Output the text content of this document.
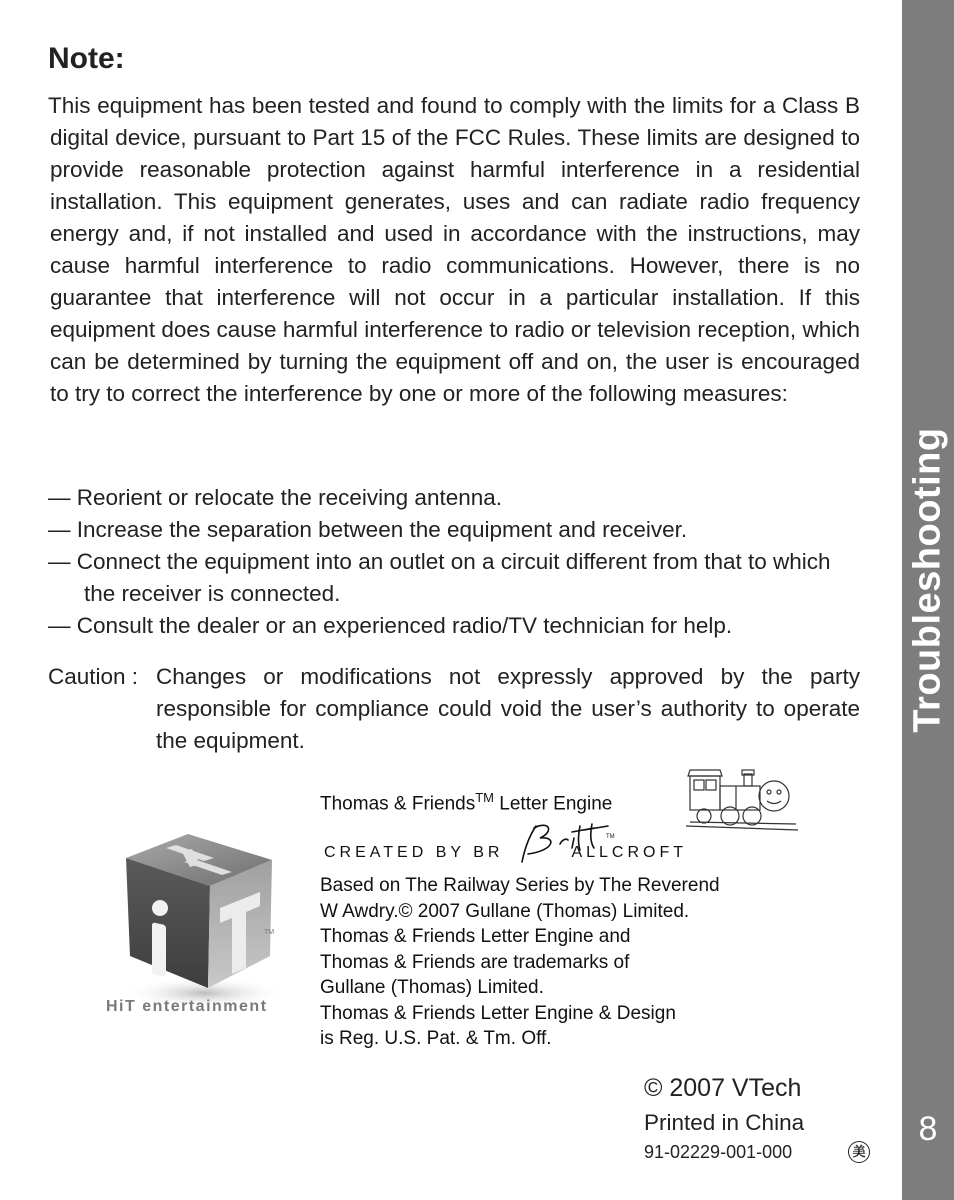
Troubleshooting
8
Note:

This equipment has been tested and found to comply with the limits for a Class B digital device, pursuant to Part 15 of the FCC Rules. These limits are designed to provide reasonable protection against harmful interference in a residential installation. This equipment generates, uses and can radiate radio frequency energy and, if not installed and used in accordance with the instructions, may cause harmful interference to radio communications. However, there is no guarantee that interference will not occur in a particular installation. If this equipment does cause harmful interference to radio or television reception, which can be determined by turning the equipment off and on, the user is encouraged to try to correct the interference by one or more of the following measures:

— Reorient or relocate the receiving antenna.
— Increase the separation between the equipment and receiver.
— Connect the equipment into an outlet on a circuit different from that to which the receiver is connected.
— Consult the dealer or an experienced radio/TV technician for help.
Caution : Changes or modifications not expressly approved by the party responsible for compliance could void the user’s authority to operate the equipment.
TM
HiT entertainment
Thomas & Friends™ Letter Engine
CREATED BY BR	ALLCROFT
TM
Based on The Railway Series by The Reverend
W Awdry.© 2007 Gullane (Thomas) Limited.
Thomas & Friends Letter Engine and
Thomas & Friends are trademarks of
Gullane (Thomas) Limited.
Thomas & Friends Letter Engine & Design
is Reg. U.S. Pat. & Tm. Off.
© 2007 VTech
Printed in China
91-02229-001-000	美
